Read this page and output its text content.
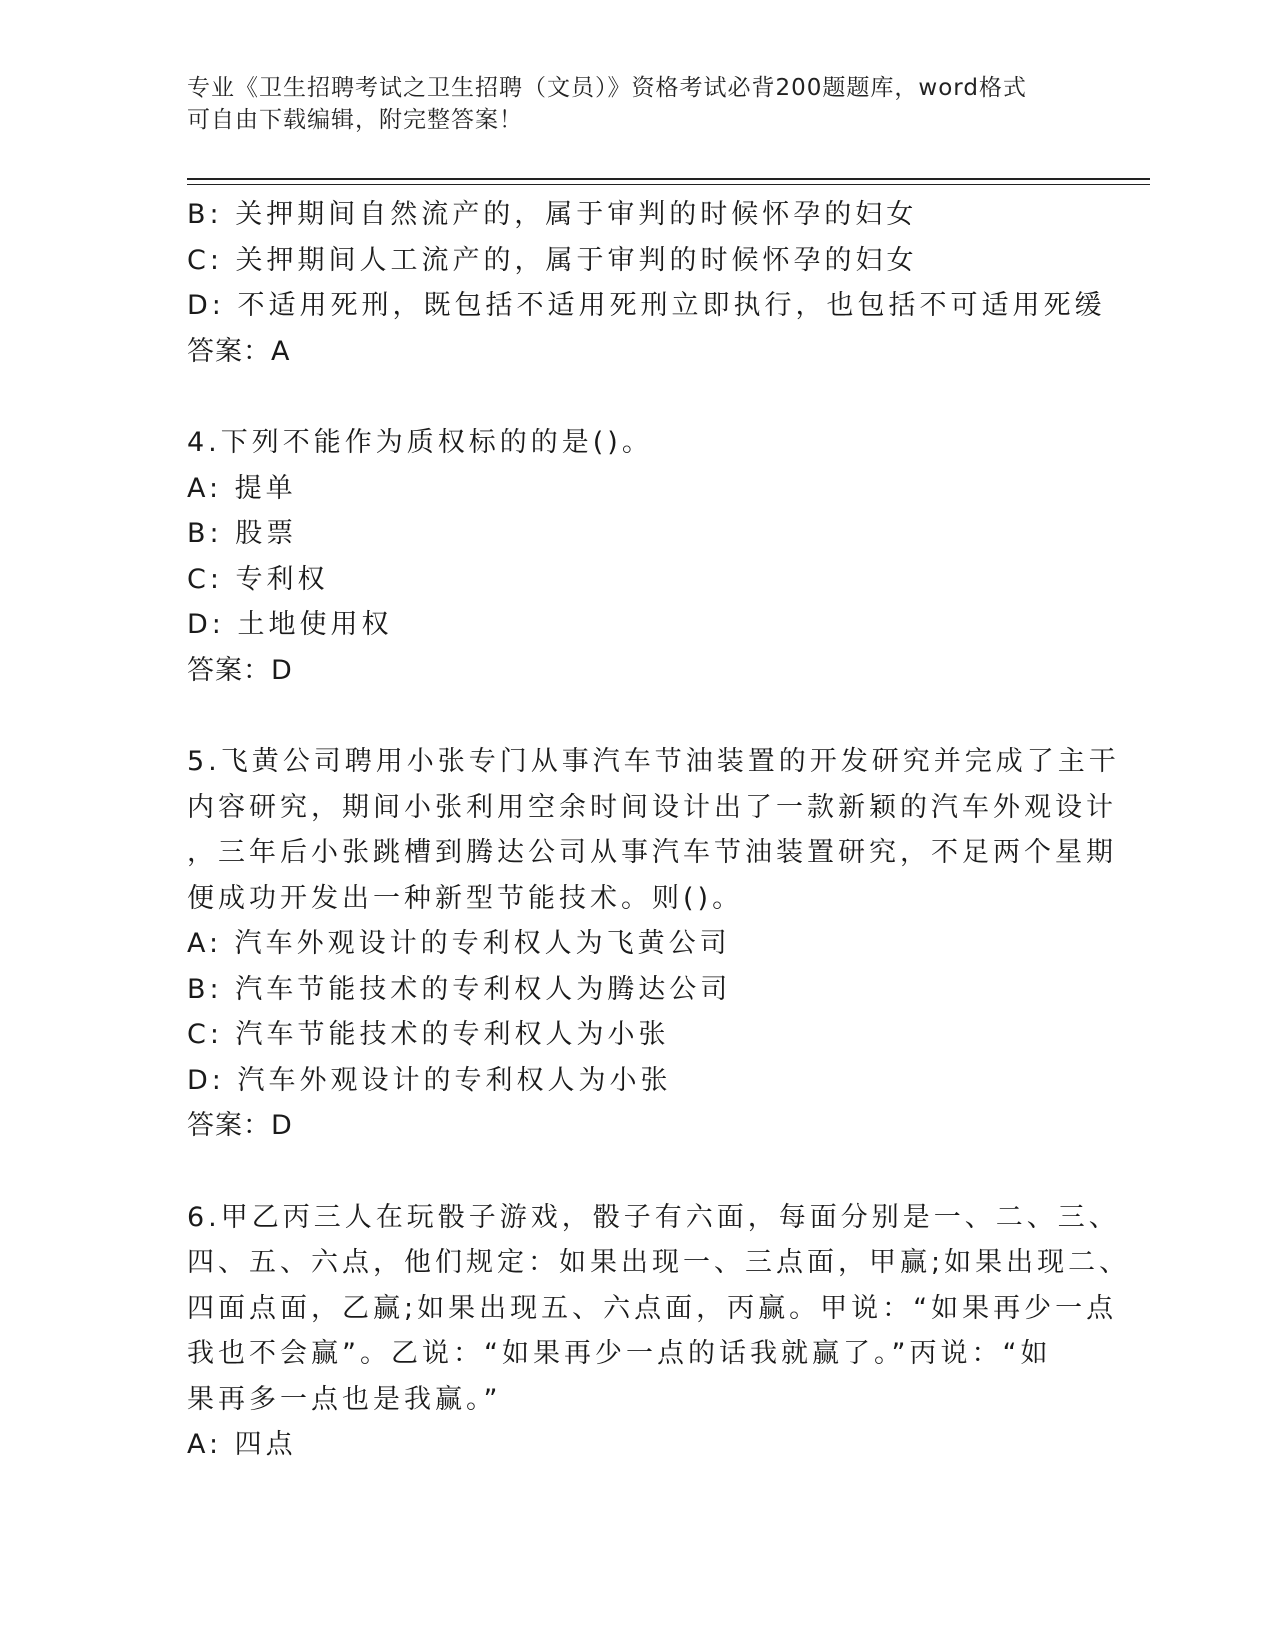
专业《卫生招聘考试之卫生招聘（文员）》资格考试必背200题题库，word格式
可自由下载编辑，附完整答案！
B: 关押期间自然流产的，属于审判的时候怀孕的妇女
C: 关押期间人工流产的，属于审判的时候怀孕的妇女
D: 不适用死刑，既包括不适用死刑立即执行，也包括不可适用死缓
答案：A
4.下列不能作为质权标的的是()。
A: 提单
B: 股票
C: 专利权
D: 土地使用权
答案：D
5.飞黄公司聘用小张专门从事汽车节油装置的开发研究并完成了主干
内容研究，期间小张利用空余时间设计出了一款新颖的汽车外观设计
，三年后小张跳槽到腾达公司从事汽车节油装置研究，不足两个星期
便成功开发出一种新型节能技术。则()。
A: 汽车外观设计的专利权人为飞黄公司
B: 汽车节能技术的专利权人为腾达公司
C: 汽车节能技术的专利权人为小张
D: 汽车外观设计的专利权人为小张
答案：D
6.甲乙丙三人在玩骰子游戏，骰子有六面，每面分别是一、二、三、
四、五、六点，他们规定：如果出现一、三点面，甲赢;如果出现二、
四面点面，乙赢;如果出现五、六点面，丙赢。甲说：“如果再少一点
我也不会赢”。乙说：“如果再少一点的话我就赢了。”丙说：“如
果再多一点也是我赢。”
A: 四点
